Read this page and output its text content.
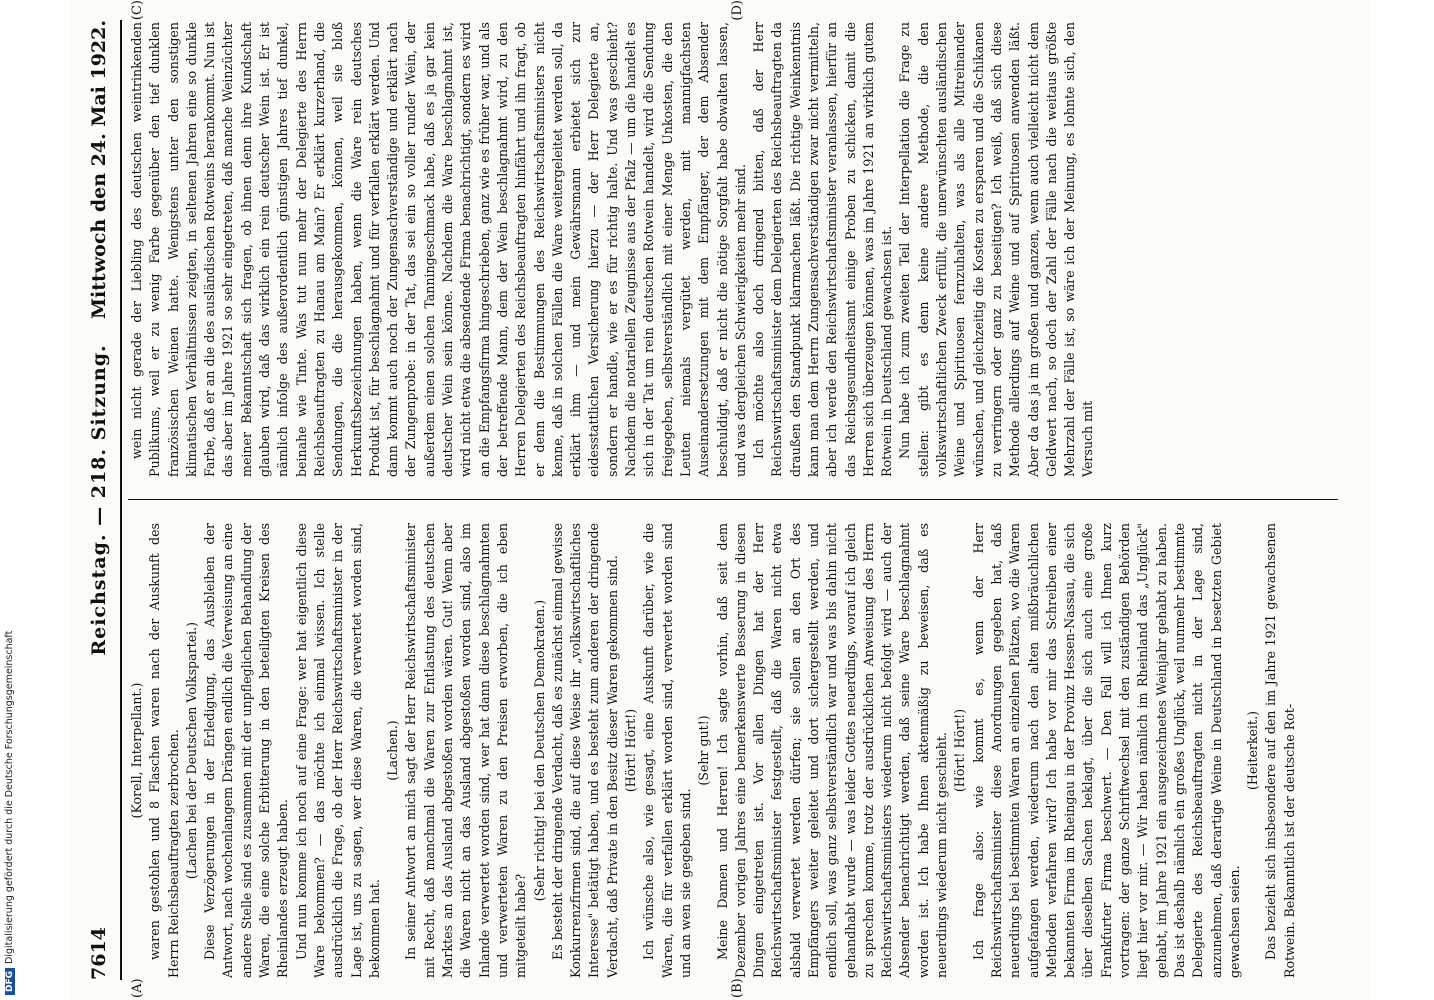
7614
Reichstag. — 218. Sitzung.
Mittwoch den 24. Mai 1922.
(A)	(B)
(C)	(D)

(Korell, Interpellant.) waren gestohlen und 8 Flaschen waren nach der Auskunft des Herrn Reichsbeauftragten zerbrochen. (Lachen bei der Deutschen Volkspartei.) Diese Verzögerungen in der Erledigung, das Ausbleiben der Antwort, nach wochenlangem Drängen endlich die Verweisung an eine andere Stelle sind es zusammen mit der unpfleglichen Behandlung der Waren, die eine solche Erbitterung in den beteiligten Kreisen des Rheinlandes erzeugt haben. Und nun komme ich noch auf eine Frage: wer hat eigentlich diese Ware bekommen? — das möchte ich einmal wissen. Ich stelle ausdrücklich die Frage, ob der Herr Reichswirtschaftsminister in der Lage ist, uns zu sagen, wer diese Waren, die verwertet worden sind, bekommen hat.

(Lachen.) In seiner Antwort an mich sagt der Herr Reichswirtschaftsminister mit Recht, daß manchmal die Waren zur Entlastung des deutschen Marktes an das Ausland abgestoßen worden wären. Gut! Wenn aber die Waren nicht an das Ausland abgestoßen worden sind, also im Inlande verwertet worden sind, wer hat dann diese beschlagnahmten und verwerteten Waren zu den Preisen erworben, die ich eben mitgeteilt habe?

(Sehr richtig! bei den Deutschen Demokraten.) Es besteht der dringende Verdacht, daß es zunächst einmal gewisse Konkurrenzfirmen sind, die auf diese Weise ihr „volkswirtschaftliches Interesse" betätigt haben, und es besteht zum anderen der dringende Verdacht, daß Private in den Besitz dieser Waren gekommen sind. (Hört! Hört!) Ich wünsche also, wie gesagt, eine Auskunft darüber, wie die Waren, die für verfallen erklärt worden sind, verwertet worden sind und an wen sie gegeben sind.

(Sehr gut!) Meine Damen und Herren! Ich sagte vorhin, daß seit dem Dezember vorigen Jahres eine bemerkenswerte Besserung in diesen Dingen eingetreten ist. Vor allen Dingen hat der Herr Reichswirtschaftsminister festgestellt, daß die Waren nicht etwa alsbald verwertet werden dürfen; sie sollen an den Ort des Empfängers weiter geleitet und dort sichergestellt werden, und endlich soll, was ganz selbstverständlich war und was bis dahin nicht gehandhabt wurde — was leider Gottes neuerdings, worauf ich gleich zu sprechen komme, trotz der ausdrücklichen Anweisung des Herrn Reichswirtschaftsministers wiederum nicht befolgt wird — auch der Absender benachrichtigt werden, daß seine Ware beschlagnahmt worden ist. Ich habe Ihnen aktenmäßig zu beweisen, daß es neuerdings wiederum nicht geschieht. (Hört! Hört!) Ich frage also: wie kommt es, wenn der Herr Reichswirtschaftsminister diese Anordnungen gegeben hat, daß neuerdings bei bestimmten Waren an einzelnen Plätzen, wo die Waren aufgefangen werden, wiederum nach den alten mißbräuchlichen Methoden verfahren wird? Ich habe vor mir das Schreiben einer bekannten Firma im Rheingau in der Provinz Hessen-Nassau, die sich über dieselben Sachen beklagt, über die sich auch eine große Frankfurter Firma beschwert. — Den Fall will ich Ihnen kurz vortragen: der ganze Schriftwechsel mit den zuständigen Behörden liegt hier vor mir. — Wir haben nämlich im Rheinland das „Unglück" gehabt, im Jahre 1921 ein ausgezeichnetes Weinjahr gehabt zu haben. Das ist deshalb nämlich ein großes Unglück, weil nunmehr bestimmte Delegierte des Reichsbeauftragten nicht in der Lage sind, anzunehmen, daß derartige Weine in Deutschland in besetzten Gebiet gewachsen seien.

(Heiterkeit.) Das bezieht sich insbesondere auf den im Jahre 1921 gewachsenen Rotwein. Bekanntlich ist der deutsche Rot-

wein nicht gerade der Liebling des deutschen weintrinkenden Publikums, weil er zu wenig Farbe gegenüber den tief dunklen französischen Weinen hatte. Wenigstens unter den sonstigen klimatischen Verhältnissen zeigten, in seltenen Jahren eine so dunkle Farbe, daß er an die des ausländischen Rotweins herankommt. Nun ist das aber im Jahre 1921 so sehr eingetreten, daß manche Weinzüchter meiner Bekanntschaft sich fragen, ob ihnen denn ihre Kundschaft glauben wird, daß das wirklich ein rein deutscher Wein ist. Er ist nämlich infolge des außerordentlich günstigen Jahres tief dunkel, beinahe wie Tinte. Was tut nun mehr der Delegierte des Herrn Reichsbeauftragten zu Hanau am Main? Er erklärt kurzerhand, die Sendungen, die die herausgekommen, können, weil sie bloß Herkunftsbezeichnungen haben, wenn die Ware rein deutsches Produkt ist, für beschlagnahmt und für verfallen erklärt werden. Und dann kommt auch noch der Zungensachverständige und erklärt nach der Zungenprobe: in der Tat, das sei ein so voller runder Wein, der außerdem einen solchen Tanningeschmack habe, daß es ja gar kein deutscher Wein sein könne. Nachdem die Ware beschlagnahmt ist, wird nicht etwa die absendende Firma benachrichtigt, sondern es wird an die Empfangsfirma hingeschrieben, ganz wie es früher war, und als der betreffende Mann, dem der Wein beschlagnahmt wird, zu den Herren Delegierten des Reichsbeauftragten hinfährt und ihn fragt, ob er denn die Bestimmungen des Reichswirtschaftsministers nicht kenne, daß in solchen Fällen die Ware weitergeleitet werden soll, da erklärt ihm — und mein Gewährsmann erbietet sich zur eidesstattlichen Versicherung hierzu — der Herr Delegierte an, sondern er handle, wie er es für richtig halte. Und was geschieht? Nachdem die notariellen Zeugnisse aus der Pfalz — um die handelt es sich in der Tat um rein deutschen Rotwein handelt, wird die Sendung freigegeben, selbstverständlich mit einer Menge Unkosten, die den Leuten niemals vergütet werden, mit mannigfachsten Auseinandersetzungen mit dem Empfänger, der dem Absender beschuldigt, daß er nicht die nötige Sorgfalt habe obwalten lassen, und was dergleichen Schwierigkeiten mehr sind. Ich möchte also doch dringend bitten, daß der Herr Reichswirtschaftsminister dem Delegierten des Reichsbeauftragten da draußen den Standpunkt klarmachen läßt. Die richtige Weinkenntnis kann man dem Herrn Zungensachverständigen zwar nicht vermitteln, aber ich werde den Reichswirtschaftsminister veranlassen, hierfür an das Reichsgesundheitsamt einige Proben zu schicken, damit die Herren sich überzeugen können, was im Jahre 1921 an wirklich gutem Rotwein in Deutschland gewachsen ist. Nun habe ich zum zweiten Teil der Interpellation die Frage zu stellen: gibt es denn keine andere Methode, die den volkswirtschaftlichen Zweck erfüllt, die unerwünschten ausländischen Weine und Spirituosen fernzuhalten, was als alle Mitreinander wünschen, und gleichzeitig die Kosten zu ersparen und die Schikanen zu verringern oder ganz zu beseitigen? Ich weiß, daß sich diese Methode allerdings auf Weine und auf Spirituosen anwenden läßt. Aber da das ja im großen und ganzen, wenn auch vielleicht nicht dem Geldwert nach, so doch der Zahl der Fälle nach die weitaus größte Mehrzahl der Fälle ist, so wäre ich der Meinung, es lohnte sich, den Versuch mit

DFGDigitalisierung gefördert durch die Deutsche Forschungsgemeinschaft
